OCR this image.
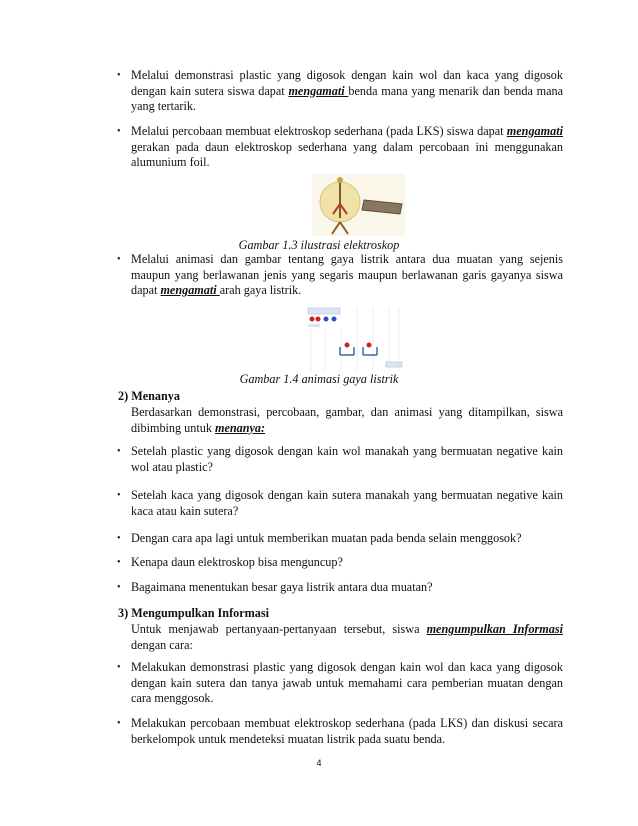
• Melalui demonstrasi plastic yang digosok dengan kain wol dan kaca yang digosok dengan kain sutera siswa dapat mengamati benda mana yang menarik dan benda mana yang tertarik.
• Melalui percobaan membuat elektroskop sederhana (pada LKS) siswa dapat mengamati gerakan pada daun elektroskop sederhana yang dalam percobaan ini menggunakan alumunium foil.
Gambar 1.3 ilustrasi elektroskop
• Melalui animasi dan gambar tentang gaya listrik antara dua muatan yang sejenis maupun yang berlawanan jenis yang segaris maupun berlawanan garis gayanya siswa dapat mengamati arah gaya listrik.
Gambar 1.4 animasi gaya listrik
2) Menanya
Berdasarkan demonstrasi, percobaan, gambar, dan animasi yang ditampilkan, siswa dibimbing untuk menanya:
• Setelah plastic yang digosok dengan kain wol manakah yang bermuatan negative kain wol atau plastic?
• Setelah kaca yang digosok dengan kain sutera manakah yang bermuatan negative kain kaca atau kain sutera?
• Dengan cara apa lagi untuk memberikan muatan pada benda selain menggosok?
• Kenapa daun elektroskop bisa menguncup?
• Bagaimana menentukan besar gaya listrik antara dua muatan?
3) Mengumpulkan Informasi
Untuk menjawab pertanyaan-pertanyaan tersebut, siswa mengumpulkan Informasi dengan cara:
• Melakukan demonstrasi plastic yang digosok dengan kain wol dan kaca yang digosok dengan kain sutera dan tanya jawab untuk memahami cara pemberian muatan dengan cara menggosok.
• Melakukan percobaan membuat elektroskop sederhana (pada LKS) dan diskusi secara berkelompok untuk mendeteksi muatan listrik pada suatu benda.
4
